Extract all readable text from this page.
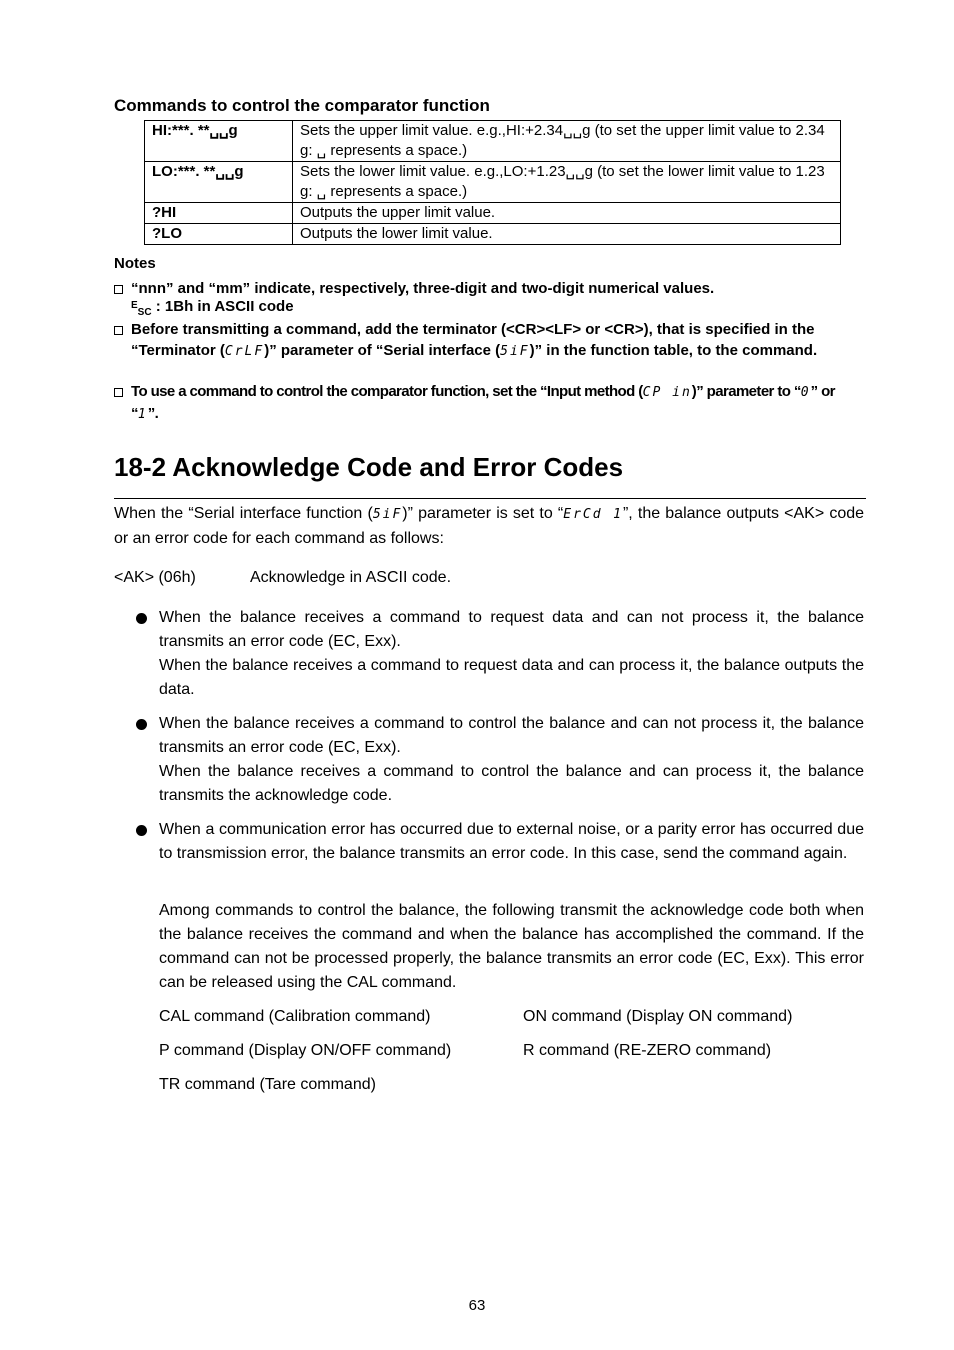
Commands to control the comparator function
HI:***. **␣␣g	Sets the upper limit value. e.g.,HI:+2.34␣␣g (to set the upper limit value to 2.34 g: ␣ represents a space.)
LO:***. **␣␣g	Sets the lower limit value. e.g.,LO:+1.23␣␣g (to set the lower limit value to 1.23 g: ␣ represents a space.)
?HI	Outputs the upper limit value.
?LO	Outputs the lower limit value.
Notes
“nnn” and “mm” indicate, respectively, three-digit and two-digit numerical values.
$^E_{SC}$ : 1Bh in ASCII code
Before transmitting a command, add the terminator (<CR><LF> or <CR>), that is specified in the “Terminator (CrLF)” parameter of “Serial interface (5iF)” in the function table, to the command.
To use a command to control the comparator function, set the “Input method (CP in)” parameter to “0” or “1”.
18-2 Acknowledge Code and Error Codes
When the “Serial interface function (5iF)” parameter is set to “ErCd 1”, the balance outputs <AK> code or an error code for each command as follows:
<AK> (06h)	Acknowledge in ASCII code.
When the balance receives a command to request data and can not process it, the balance transmits an error code (EC, Exx).
When the balance receives a command to request data and can process it, the balance outputs the data.
When the balance receives a command to control the balance and can not process it, the balance transmits an error code (EC, Exx).
When the balance receives a command to control the balance and can process it, the balance transmits the acknowledge code.
When a communication error has occurred due to external noise, or a parity error has occurred due to transmission error, the balance transmits an error code. In this case, send the command again.
Among commands to control the balance, the following transmit the acknowledge code both when the balance receives the command and when the balance has accomplished the command. If the command can not be processed properly, the balance transmits an error code (EC, Exx). This error can be released using the CAL command.
CAL command (Calibration command)	ON command (Display ON command)
P command (Display ON/OFF command)	R command (RE-ZERO command)
TR command (Tare command)
63
